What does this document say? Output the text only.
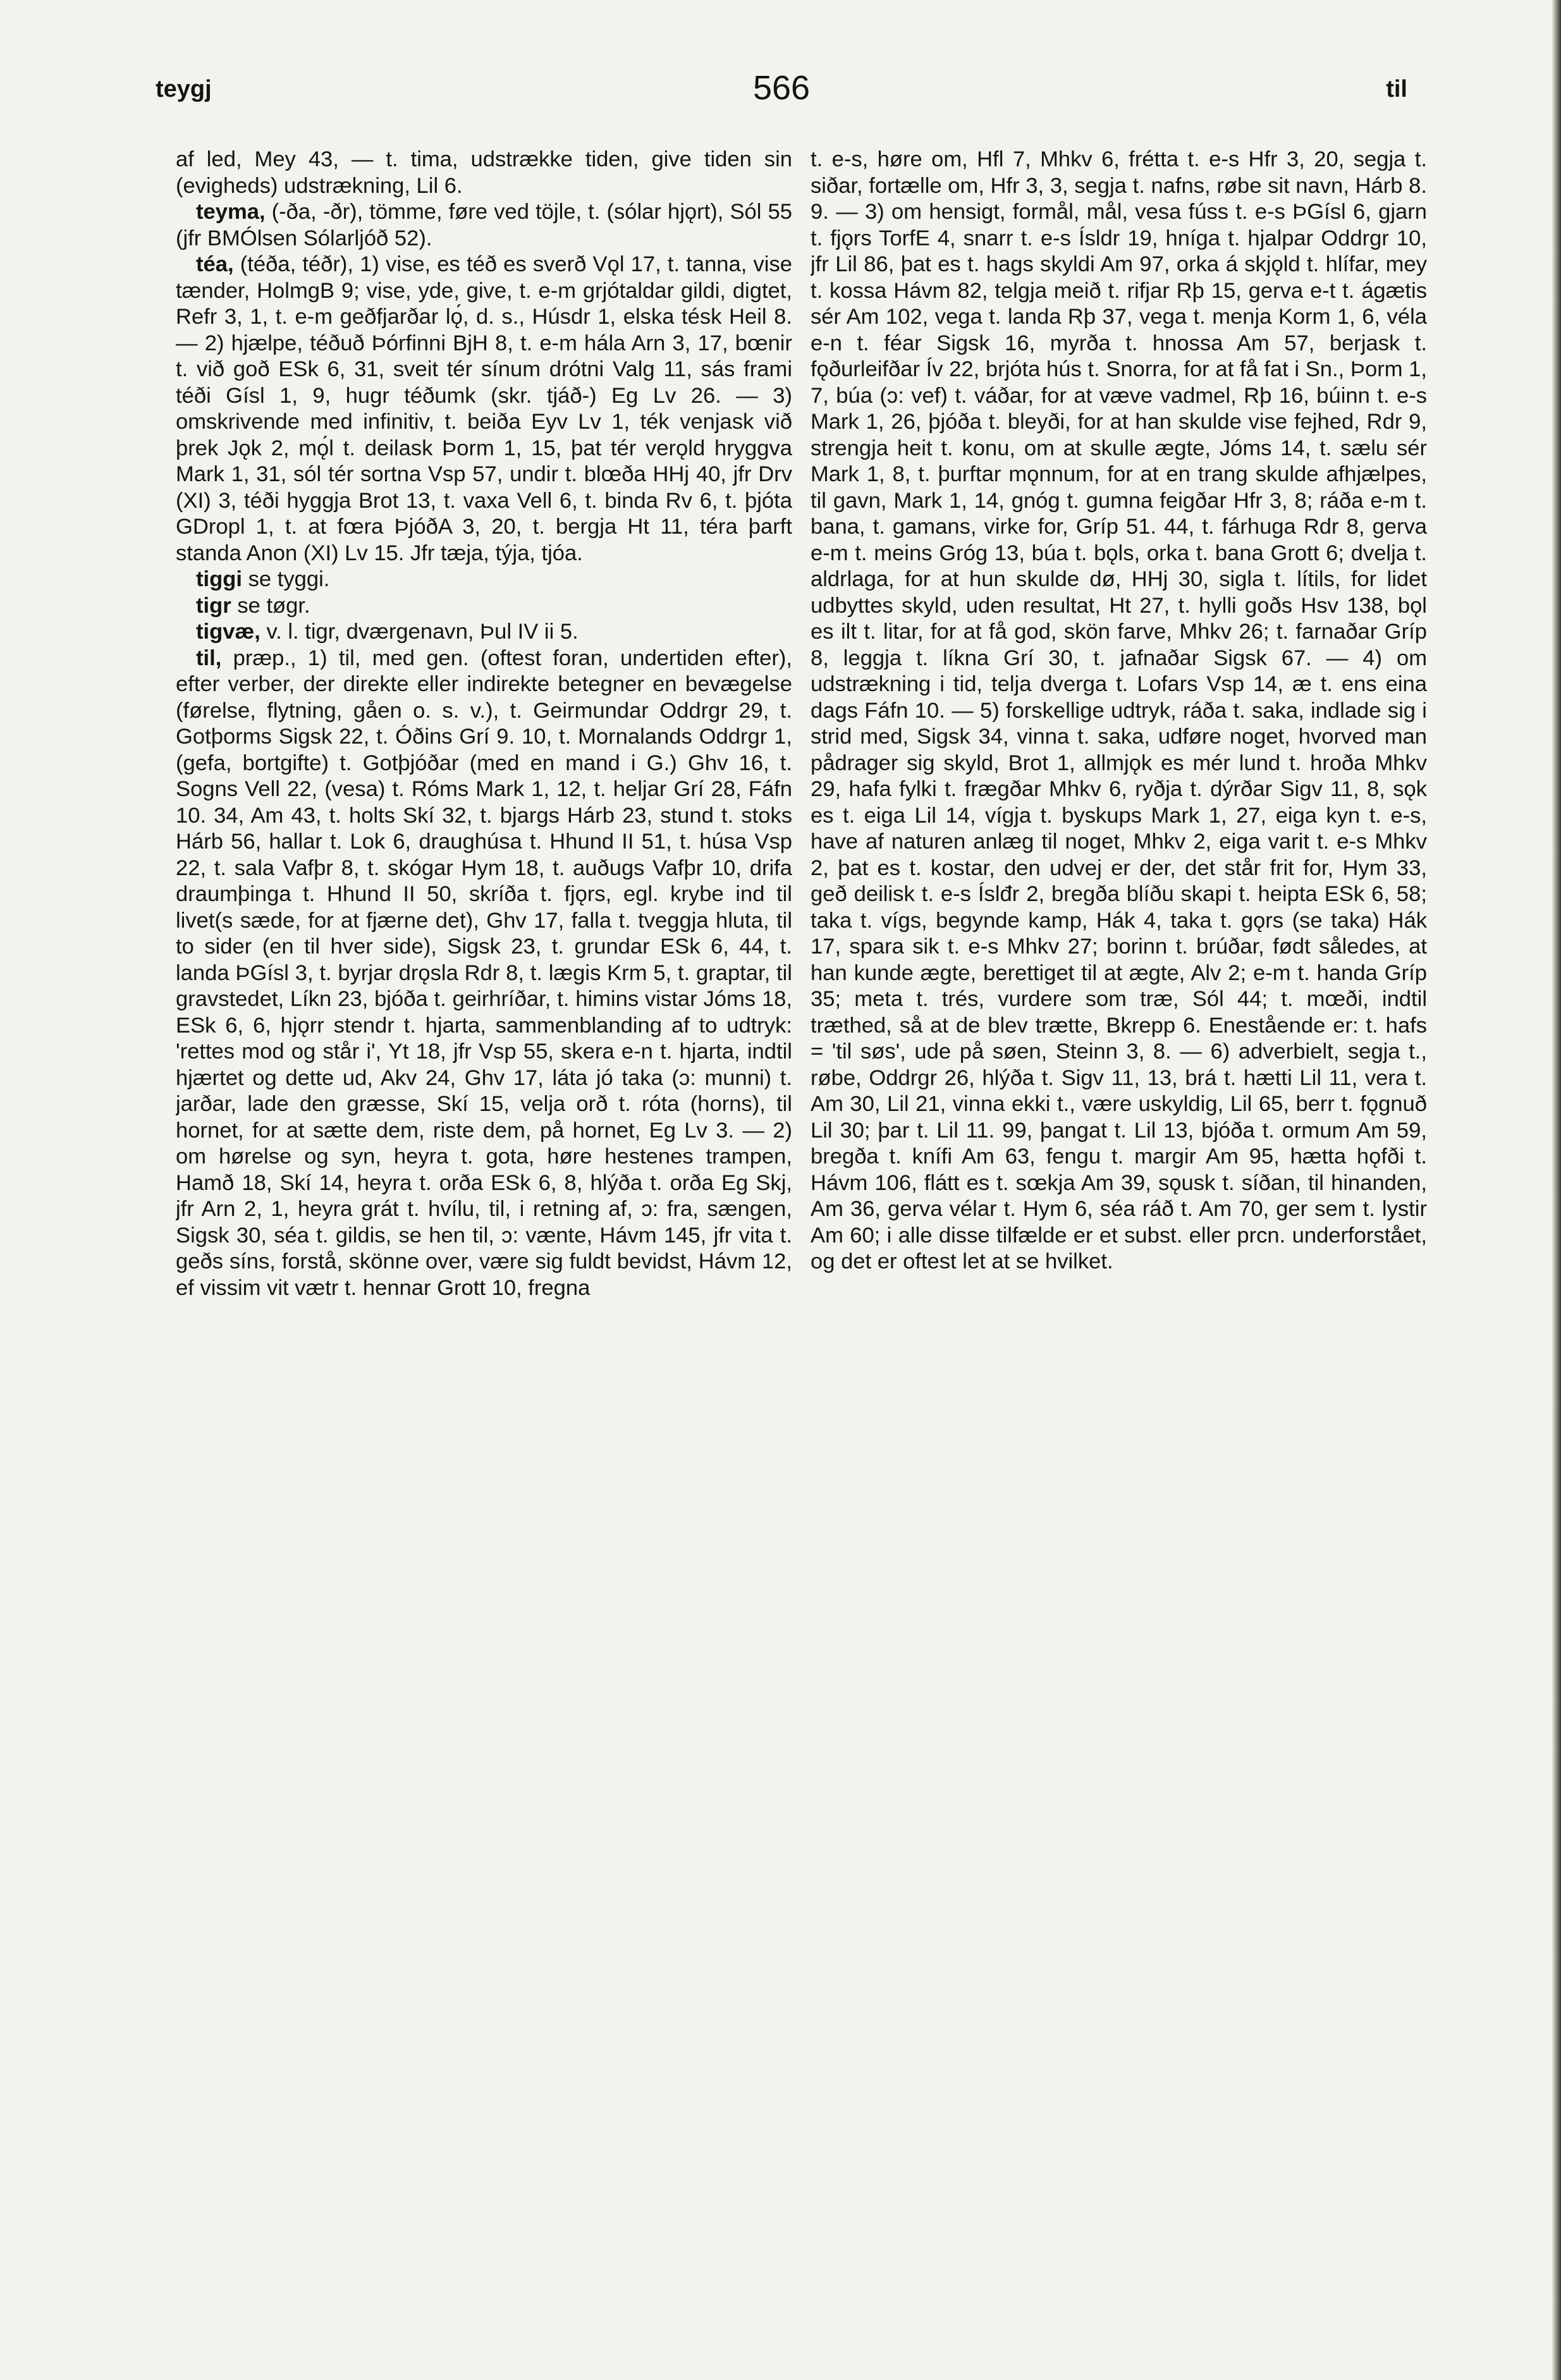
teygj	566	til

af led, Mey 43, — t. tima, udstrække tiden, give tiden sin (evigheds) udstrækning, Lil 6.

teyma, (-ða, -ðr), tömme, føre ved töjle, t. (sólar hjǫrt), Sól 55 (jfr BMÓlsen Sólarljóð 52).

téa, (téða, téðr), 1) vise, es téð es sverð Vǫl 17, t. tanna, vise tænder, HolmgB 9; vise, yde, give, t. e-m grjótaldar gildi, digtet, Refr 3, 1, t. e-m geðfjarðar lǫ́, d. s., Húsdr 1, elska tésk Heil 8. — 2) hjælpe, téðuð Þórfinni BjH 8, t. e-m hála Arn 3, 17, bœnir t. við goð ESk 6, 31, sveit tér sínum drótni Valg 11, sás frami téði Gísl 1, 9, hugr téðumk (skr. tjáð-) Eg Lv 26. — 3) omskrivende med infinitiv, t. beiða Eyv Lv 1, ték venjask við þrek Jǫk 2, mǫ́l t. deilask Þorm 1, 15, þat tér verǫld hryggva Mark 1, 31, sól tér sortna Vsp 57, undir t. blœða HHj 40, jfr Drv (XI) 3, téði hyggja Brot 13, t. vaxa Vell 6, t. binda Rv 6, t. þjóta GDropl 1, t. at fœra ÞjóðA 3, 20, t. bergja Ht 11, téra þarft standa Anon (XI) Lv 15. Jfr tæja, týja, tjóa.

tiggi se tyggi.

tigr se tøgr.

tigvæ, v. l. tigr, dværgenavn, Þul IV ii 5.

til, præp., 1) til, med gen. (oftest foran, undertiden efter), efter verber, der direkte eller indirekte betegner en bevægelse (førelse, flytning, gåen o. s. v.), t. Geirmundar Oddrgr 29, t. Gotþorms Sigsk 22, t. Óðins Grí 9. 10, t. Mornalands Oddrgr 1, (gefa, bortgifte) t. Gotþjóðar (med en mand i G.) Ghv 16, t. Sogns Vell 22, (vesa) t. Róms Mark 1, 12, t. heljar Grí 28, Fáfn 10. 34, Am 43, t. holts Skí 32, t. bjargs Hárb 23, stund t. stoks Hárb 56, hallar t. Lok 6, draughúsa t. Hhund II 51, t. húsa Vsp 22, t. sala Vafþr 8, t. skógar Hym 18, t. auðugs Vafþr 10, drifa draumþinga t. Hhund II 50, skríða t. fjǫrs, egl. krybe ind til livet(s sæde, for at fjærne det), Ghv 17, falla t. tveggja hluta, til to sider (en til hver side), Sigsk 23, t. grundar ESk 6, 44, t. landa ÞGísl 3, t. byrjar drǫsla Rdr 8, t. lægis Krm 5, t. graptar, til gravstedet, Líkn 23, bjóða t. geirhríðar, t. himins vistar Jóms 18, ESk 6, 6, hjǫrr stendr t. hjarta, sammenblanding af to udtryk: 'rettes mod og står i', Yt 18, jfr Vsp 55, skera e-n t. hjarta, indtil hjærtet og dette ud, Akv 24, Ghv 17, láta jó taka (ɔ: munni) t. jarðar, lade den græsse, Skí 15, velja orð t. róta (horns), til hornet, for at sætte dem, riste dem, på hornet, Eg Lv 3. — 2) om hørelse og syn, heyra t. gota, høre hestenes trampen, Hamð 18, Skí 14, heyra t. orða ESk 6, 8, hlýða t. orða Eg Skj, jfr Arn 2, 1, heyra grát t. hvílu, til, i retning af, ɔ: fra, sængen, Sigsk 30, séa t. gildis, se hen til, ɔ: vænte, Hávm 145, jfr vita t. geðs síns, forstå, skönne over, være sig fuldt bevidst, Hávm 12, ef vissim vit vætr t. hennar Grott 10, fregna

t. e-s, høre om, Hfl 7, Mhkv 6, frétta t. e-s Hfr 3, 20, segja t. siðar, fortælle om, Hfr 3, 3, segja t. nafns, røbe sit navn, Hárb 8. 9. — 3) om hensigt, formål, mål, vesa fúss t. e-s ÞGísl 6, gjarn t. fjǫrs TorfE 4, snarr t. e-s Ísldr 19, hníga t. hjalpar Oddrgr 10, jfr Lil 86, þat es t. hags skyldi Am 97, orka á skjǫld t. hlífar, mey t. kossa Hávm 82, telgja meið t. rifjar Rþ 15, gerva e-t t. ágætis sér Am 102, vega t. landa Rþ 37, vega t. menja Korm 1, 6, véla e-n t. féar Sigsk 16, myrða t. hnossa Am 57, berjask t. fǫðurleifðar Ív 22, brjóta hús t. Snorra, for at få fat i Sn., Þorm 1, 7, búa (ɔ: vef) t. váðar, for at væve vadmel, Rþ 16, búinn t. e-s Mark 1, 26, þjóða t. bleyði, for at han skulde vise fejhed, Rdr 9, strengja heit t. konu, om at skulle ægte, Jóms 14, t. sælu sér Mark 1, 8, t. þurftar mǫnnum, for at en trang skulde afhjælpes, til gavn, Mark 1, 14, gnóg t. gumna feigðar Hfr 3, 8; ráða e-m t. bana, t. gamans, virke for, Gríp 51. 44, t. fárhuga Rdr 8, gerva e-m t. meins Gróg 13, búa t. bǫls, orka t. bana Grott 6; dvelja t. aldrlaga, for at hun skulde dø, HHj 30, sigla t. lítils, for lidet udbyttes skyld, uden resultat, Ht 27, t. hylli goðs Hsv 138, bǫl es ilt t. litar, for at få god, skön farve, Mhkv 26; t. farnaðar Gríp 8, leggja t. líkna Grí 30, t. jafnaðar Sigsk 67. — 4) om udstrækning i tid, telja dverga t. Lofars Vsp 14, æ t. ens eina dags Fáfn 10. — 5) forskellige udtryk, ráða t. saka, indlade sig i strid med, Sigsk 34, vinna t. saka, udføre noget, hvorved man pådrager sig skyld, Brot 1, allmjǫk es mér lund t. hroða Mhkv 29, hafa fylki t. frægðar Mhkv 6, ryðja t. dýrðar Sigv 11, 8, sǫk es t. eiga Lil 14, vígja t. byskups Mark 1, 27, eiga kyn t. e-s, have af naturen anlæg til noget, Mhkv 2, eiga varit t. e-s Mhkv 2, þat es t. kostar, den udvej er der, det står frit for, Hym 33, geð deilisk t. e-s Íslđr 2, bregða blíðu skapi t. heipta ESk 6, 58; taka t. vígs, begynde kamp, Hák 4, taka t. gǫrs (se taka) Hák 17, spara sik t. e-s Mhkv 27; borinn t. brúðar, født således, at han kunde ægte, berettiget til at ægte, Alv 2; e-m t. handa Gríp 35; meta t. trés, vurdere som træ, Sól 44; t. mœði, indtil træthed, så at de blev trætte, Bkrepp 6. Enestående er: t. hafs = 'til søs', ude på søen, Steinn 3, 8. — 6) adverbielt, segja t., røbe, Oddrgr 26, hlýða t. Sigv 11, 13, brá t. hætti Lil 11, vera t. Am 30, Lil 21, vinna ekki t., være uskyldig, Lil 65, berr t. fǫgnuð Lil 30; þar t. Lil 11. 99, þangat t. Lil 13, bjóða t. ormum Am 59, bregða t. knífi Am 63, fengu t. margir Am 95, hætta hǫfði t. Hávm 106, flátt es t. sœkja Am 39, sǫusk t. síðan, til hinanden, Am 36, gerva vélar t. Hym 6, séa ráð t. Am 70, ger sem t. lystir Am 60; i alle disse tilfælde er et subst. eller prcn. underforstået, og det er oftest let at se hvilket.
